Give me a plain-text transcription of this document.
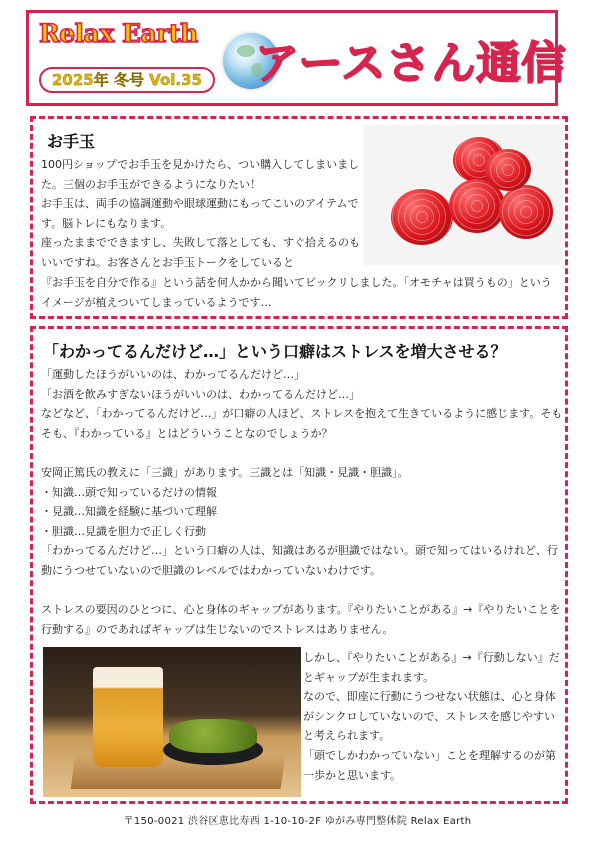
Relax Earth
2025年 冬号 Vol.35 アースさん通信
お手玉

100円ショップでお手玉を見かけたら、つい購入してしまいました。三個のお手玉ができるようになりたい！
お手玉は、両手の協調運動や眼球運動にもってこいのアイテムです。脳トレにもなります。
座ったままでできますし、失敗して落としても、すぐ拾えるのもいいですね。お客さんとお手玉トークをしていると

『お手玉を自分で作る』という話を何人かから聞いてビックリしました。「オモチャは買うもの」というイメージが植えついてしまっているようです…

「わかってるんだけど…」という口癖はストレスを増大させる？

「運動したほうがいいのは、わかってるんだけど…」
「お酒を飲みすぎないほうがいいのは、わかってるんだけど…」
などなど、「わかってるんだけど…」が口癖の人ほど、ストレスを抱えて生きているように感じます。そもそも、『わかっている』とはどういうことなのでしょうか？

安岡正篤氏の教えに「三識」があります。三識とは「知識・見識・胆識」。
・知識…頭で知っているだけの情報
・見識…知識を経験に基づいて理解
・胆識…見識を胆力で正しく行動
「わかってるんだけど…」という口癖の人は、知識はあるが胆識ではない。頭で知ってはいるけれど、行動にうつせていないので胆識のレベルではわかっていないわけです。

ストレスの要因のひとつに、心と身体のギャップがあります。『やりたいことがある』→『やりたいことを行動する』のであればギャップは生じないのでストレスはありません。

しかし、『やりたいことがある』→『行動しない』だとギャップが生まれます。
なので、即座に行動にうつせない状態は、心と身体がシンクロしていないので、ストレスを感じやすいと考えられます。
「頭でしかわかっていない」ことを理解するのが第一歩かと思います。

〒150-0021 渋谷区恵比寿西 1-10-10-2F ゆがみ専門整体院 Relax Earth
